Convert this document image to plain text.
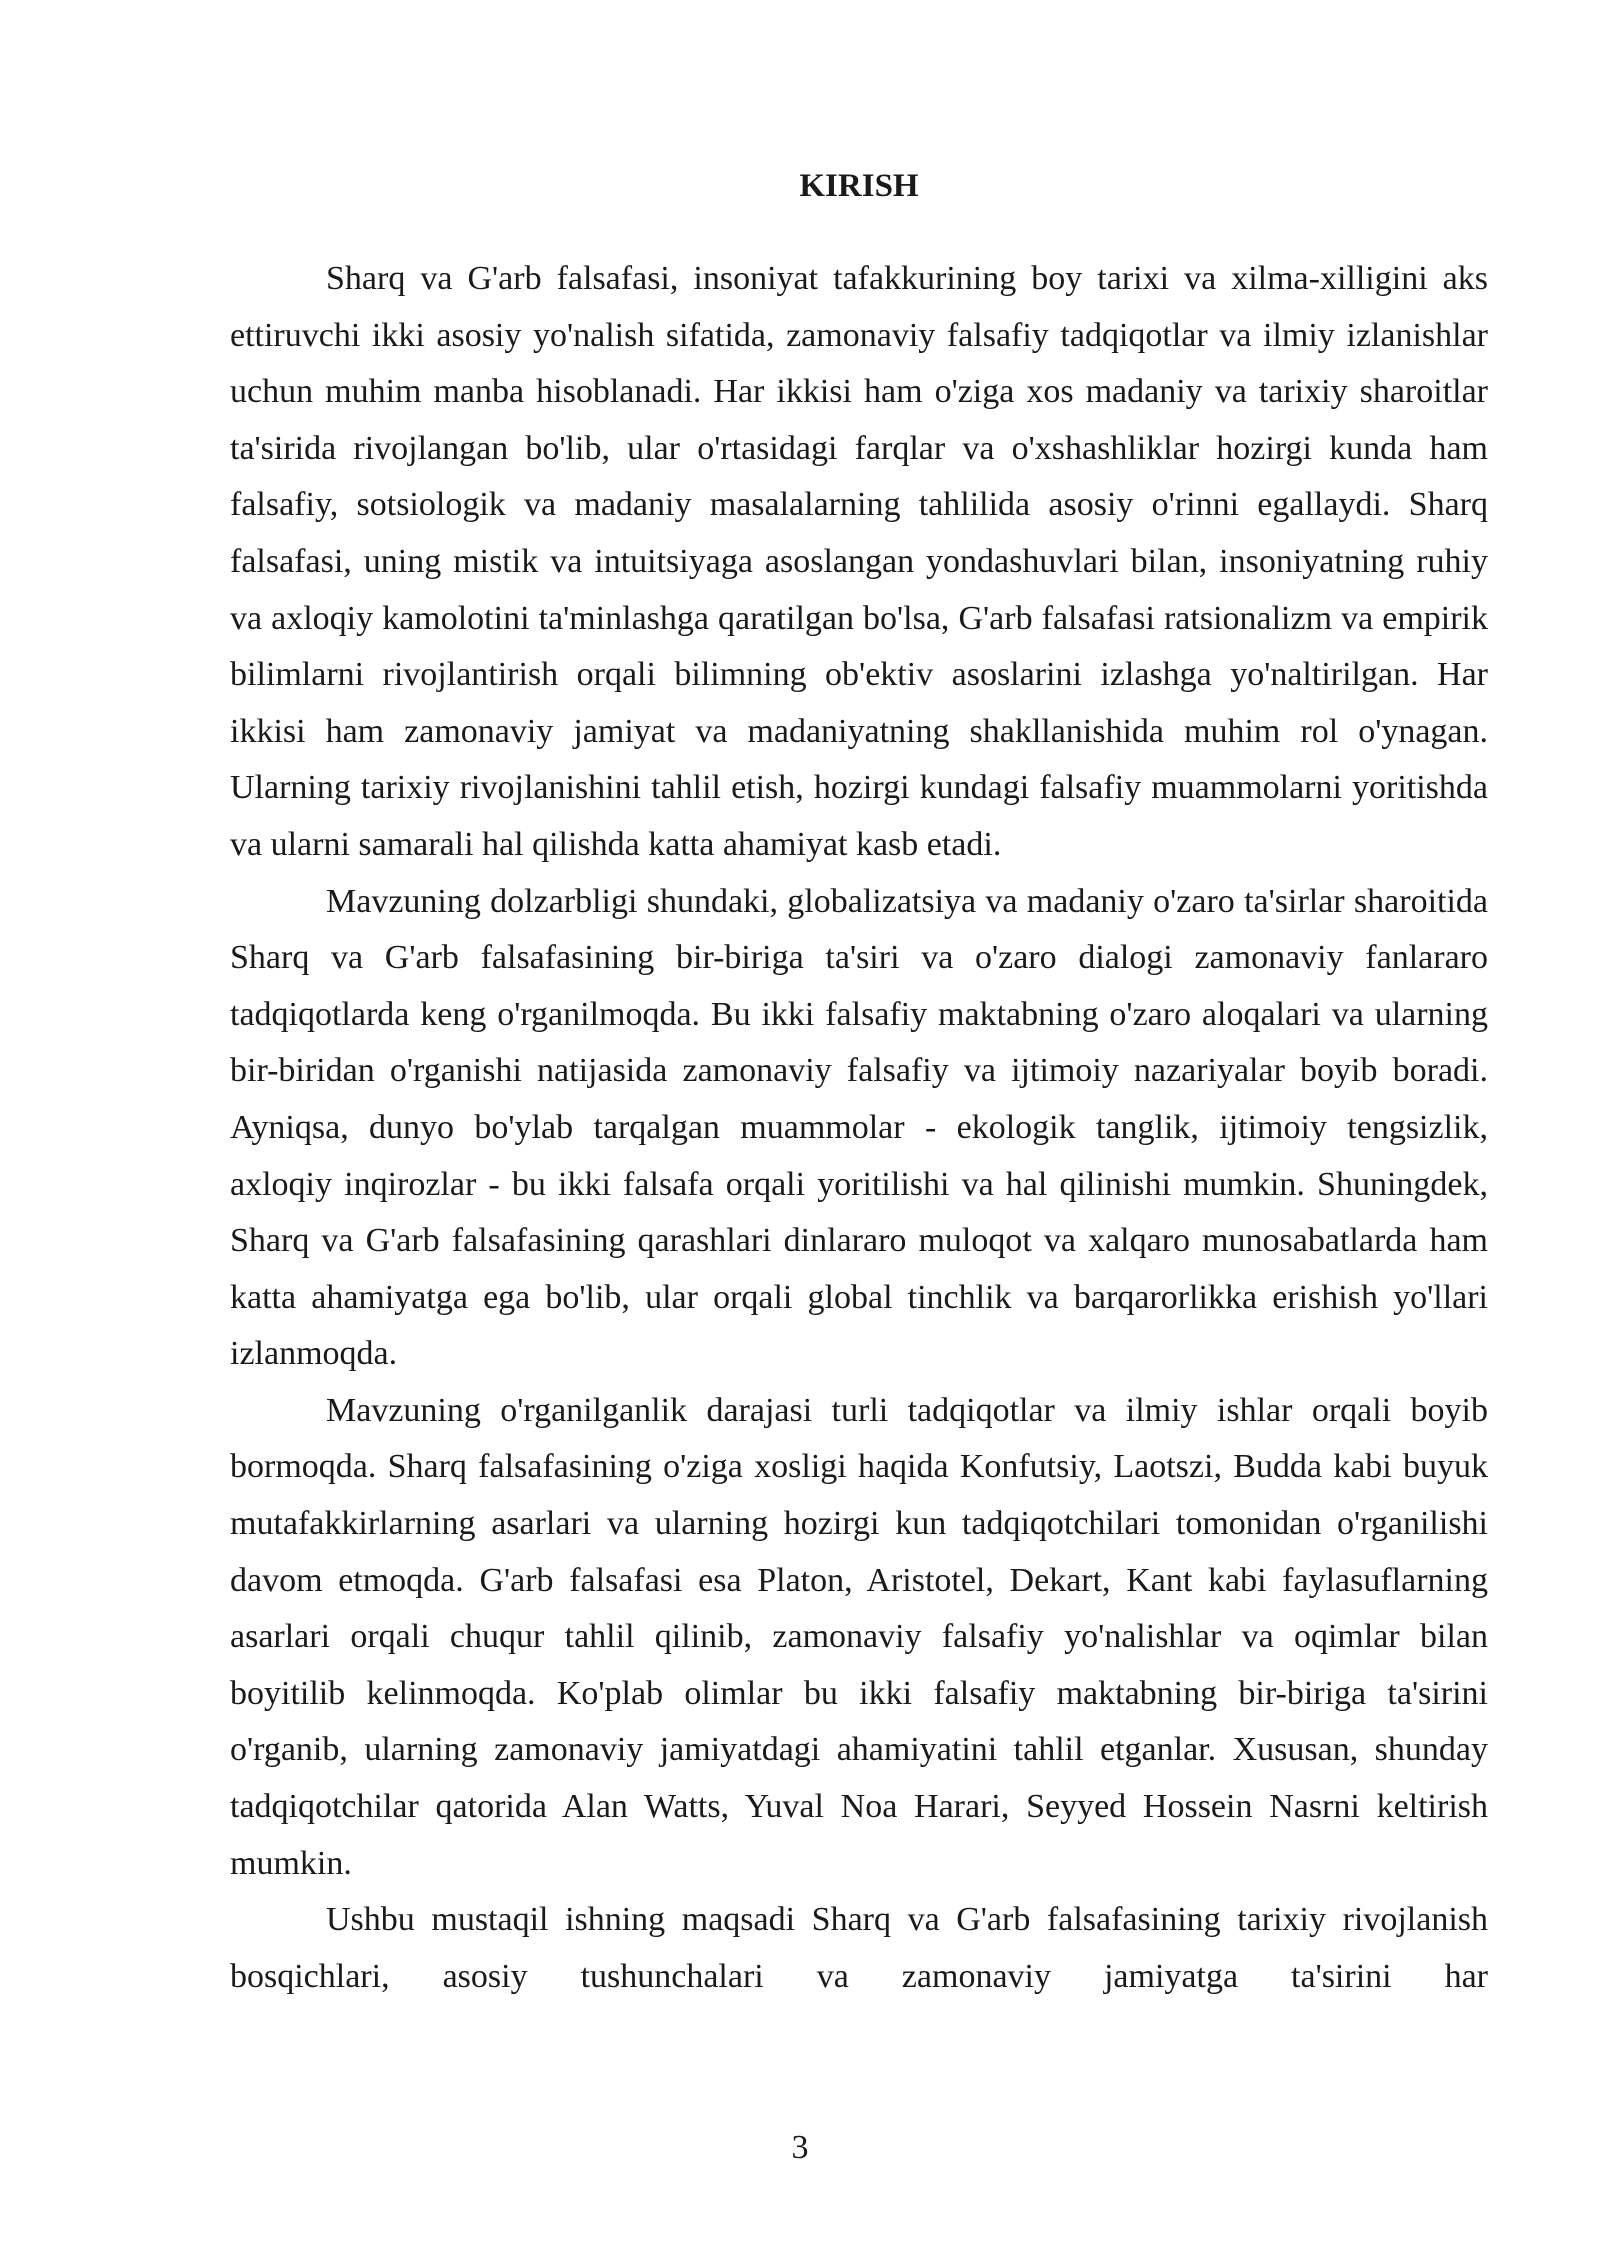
KIRISH

Sharq va G'arb falsafasi, insoniyat tafakkurining boy tarixi va xilma-xilligini aks ettiruvchi ikki asosiy yo'nalish sifatida, zamonaviy falsafiy tadqiqotlar va ilmiy izlanishlar uchun muhim manba hisoblanadi. Har ikkisi ham o'ziga xos madaniy va tarixiy sharoitlar ta'sirida rivojlangan bo'lib, ular o'rtasidagi farqlar va o'xshashliklar hozirgi kunda ham falsafiy, sotsiologik va madaniy masalalarning tahlilida asosiy o'rinni egallaydi. Sharq falsafasi, uning mistik va intuitsiyaga asoslangan yondashuvlari bilan, insoniyatning ruhiy va axloqiy kamolotini ta'minlashga qaratilgan bo'lsa, G'arb falsafasi ratsionalizm va empirik bilimlarni rivojlantirish orqali bilimning ob'ektiv asoslarini izlashga yo'naltirilgan. Har ikkisi ham zamonaviy jamiyat va madaniyatning shakllanishida muhim rol o'ynagan. Ularning tarixiy rivojlanishini tahlil etish, hozirgi kundagi falsafiy muammolarni yoritishda va ularni samarali hal qilishda katta ahamiyat kasb etadi.

Mavzuning dolzarbligi shundaki, globalizatsiya va madaniy o'zaro ta'sirlar sharoitida Sharq va G'arb falsafasining bir-biriga ta'siri va o'zaro dialogi zamonaviy fanlararo tadqiqotlarda keng o'rganilmoqda. Bu ikki falsafiy maktabning o'zaro aloqalari va ularning bir-biridan o'rganishi natijasida zamonaviy falsafiy va ijtimoiy nazariyalar boyib boradi. Ayniqsa, dunyo bo'ylab tarqalgan muammolar - ekologik tanglik, ijtimoiy tengsizlik, axloqiy inqirozlar - bu ikki falsafa orqali yoritilishi va hal qilinishi mumkin. Shuningdek, Sharq va G'arb falsafasining qarashlari dinlararo muloqot va xalqaro munosabatlarda ham katta ahamiyatga ega bo'lib, ular orqali global tinchlik va barqarorlikka erishish yo'llari izlanmoqda.

Mavzuning o'rganilganlik darajasi turli tadqiqotlar va ilmiy ishlar orqali boyib bormoqda. Sharq falsafasining o'ziga xosligi haqida Konfutsiy, Laotszi, Budda kabi buyuk mutafakkirlarning asarlari va ularning hozirgi kun tadqiqotchilari tomonidan o'rganilishi davom etmoqda. G'arb falsafasi esa Platon, Aristotel, Dekart, Kant kabi faylasuflarning asarlari orqali chuqur tahlil qilinib, zamonaviy falsafiy yo'nalishlar va oqimlar bilan boyitilib kelinmoqda. Ko'plab olimlar bu ikki falsafiy maktabning bir-biriga ta'sirini o'rganib, ularning zamonaviy jamiyatdagi ahamiyatini tahlil etganlar. Xususan, shunday tadqiqotchilar qatorida Alan Watts, Yuval Noa Harari, Seyyed Hossein Nasrni keltirish mumkin.

Ushbu mustaqil ishning maqsadi Sharq va G'arb falsafasining tarixiy rivojlanish bosqichlari, asosiy tushunchalari va zamonaviy jamiyatga ta'sirini har

3
